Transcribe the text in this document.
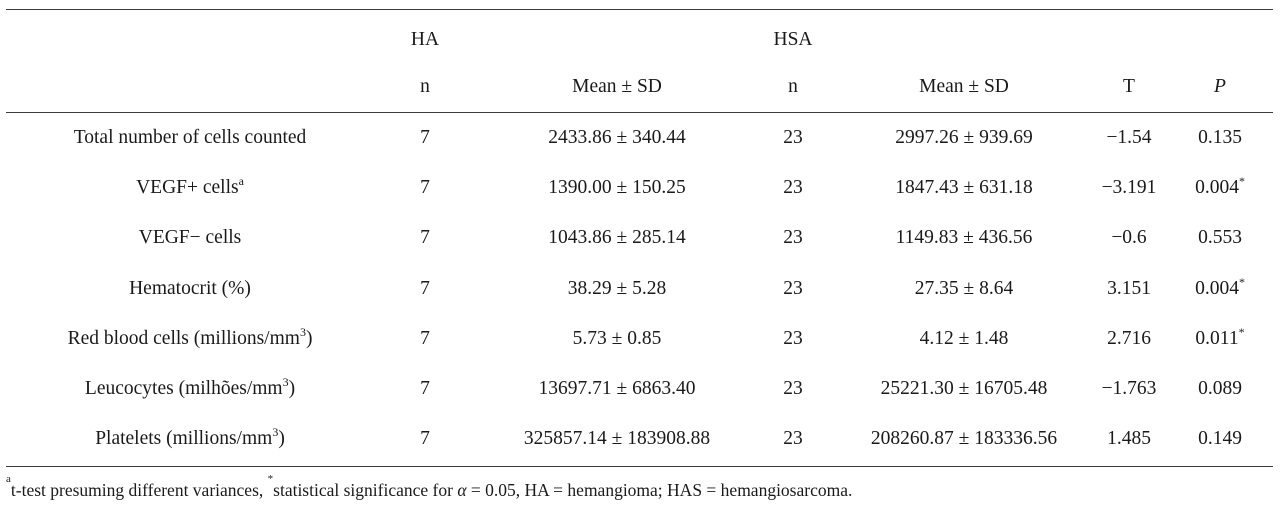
HA	HSA
n	Mean ± SD	n	Mean ± SD	T	P
Total number of cells counted	7	2433.86 ± 340.44	23	2997.26 ± 939.69	−1.54 0.135
VEGF+ cells$^a$	7	1390.00 ± 150.25	23	1847.43 ± 631.18	−3.191 0.004*
VEGF− cells	7	1043.86 ± 285.14	23	1149.83 ± 436.56	−0.6	0.553
Hematocrit (%)	7	38.29 ± 5.28	23	27.35 ± 8.64	3.151 0.004*
Red blood cells $(millions/mm^3)$	7	5.73 ± 0.85	23	4.12 ± 1.48	2.716 0.011*
Leucocytes $(milhões/mm^3)$	7	13697.71 ± 6863.40	23	25221.30 ± 16705.48	−1.763 0.089
Platelets $(millions/mm^3)$	7	325857.14 ± 183908.88	23	208260.87 ± 183336.56	1.485 0.149
$^a$t-test presuming different variances, *statistical significance for α = 0.05, HA = hemangioma; HAS = hemangiosarcoma.
